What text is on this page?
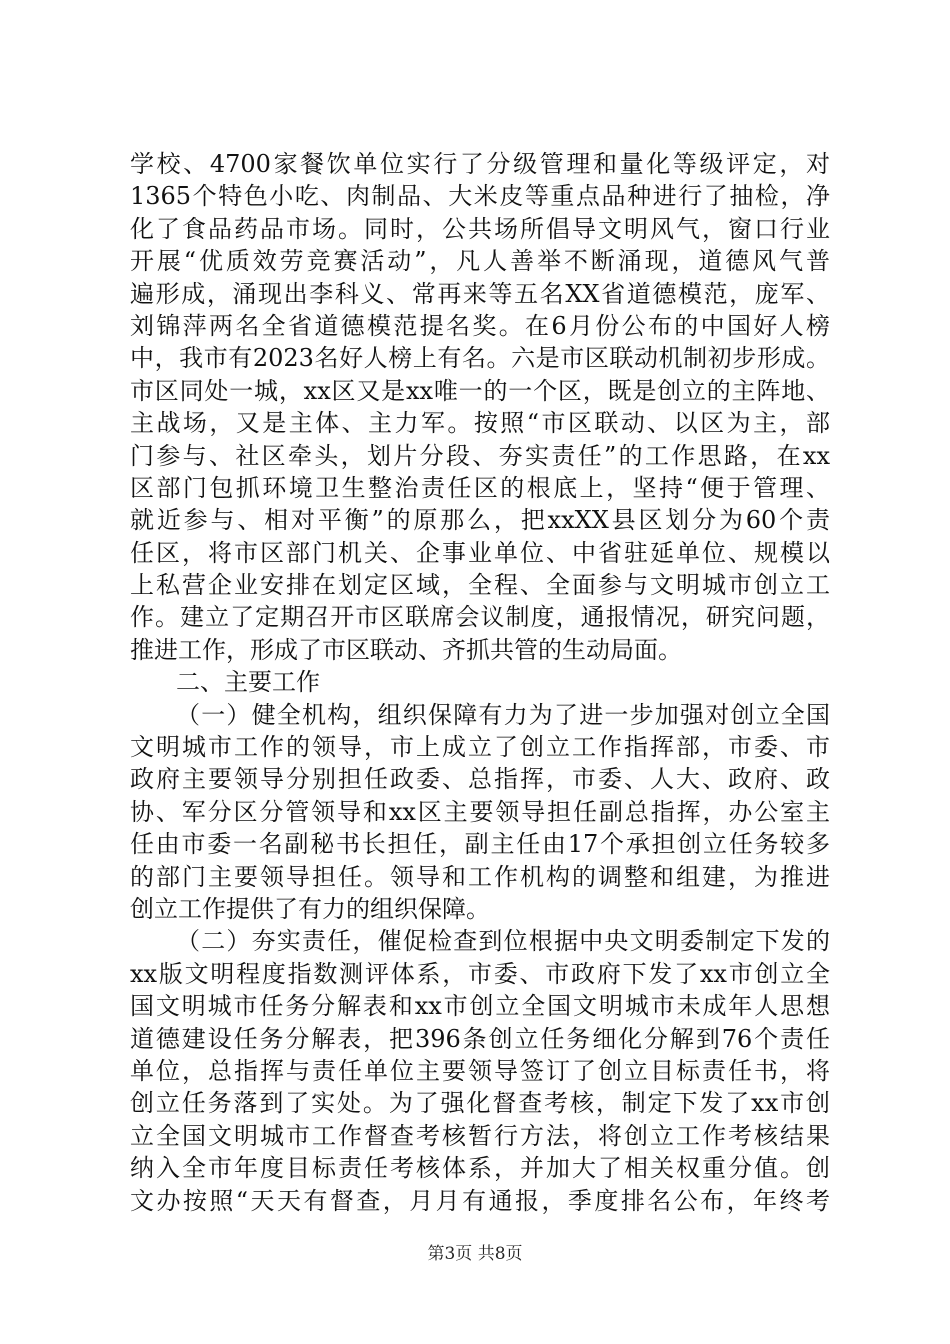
学校、4700家餐饮单位实行了分级管理和量化等级评定，对
1365个特色小吃、肉制品、大米皮等重点品种进行了抽检，净
化了食品药品市场。同时，公共场所倡导文明风气，窗口行业
开展“优质效劳竞赛活动”，凡人善举不断涌现，道德风气普
遍形成，涌现出李科义、常再来等五名XX省道德模范，庞军、
刘锦萍两名全省道德模范提名奖。在6月份公布的中国好人榜
中，我市有2023名好人榜上有名。六是市区联动机制初步形成。
市区同处一城，xx区又是xx唯一的一个区，既是创立的主阵地、
主战场，又是主体、主力军。按照“市区联动、以区为主，部
门参与、社区牵头，划片分段、夯实责任”的工作思路，在xx
区部门包抓环境卫生整治责任区的根底上，坚持“便于管理、
就近参与、相对平衡”的原那么，把xxXX县区划分为60个责
任区，将市区部门机关、企事业单位、中省驻延单位、规模以
上私营企业安排在划定区域，全程、全面参与文明城市创立工
作。建立了定期召开市区联席会议制度，通报情况，研究问题，
推进工作，形成了市区联动、齐抓共管的生动局面。
二、主要工作
（一）健全机构，组织保障有力为了进一步加强对创立全国
文明城市工作的领导，市上成立了创立工作指挥部，市委、市
政府主要领导分别担任政委、总指挥，市委、人大、政府、政
协、军分区分管领导和xx区主要领导担任副总指挥，办公室主
任由市委一名副秘书长担任，副主任由17个承担创立任务较多
的部门主要领导担任。领导和工作机构的调整和组建，为推进
创立工作提供了有力的组织保障。
（二）夯实责任，催促检查到位根据中央文明委制定下发的
xx版文明程度指数测评体系，市委、市政府下发了xx市创立全
国文明城市任务分解表和xx市创立全国文明城市未成年人思想
道德建设任务分解表，把396条创立任务细化分解到76个责任
单位，总指挥与责任单位主要领导签订了创立目标责任书，将
创立任务落到了实处。为了强化督查考核，制定下发了xx市创
立全国文明城市工作督查考核暂行方法，将创立工作考核结果
纳入全市年度目标责任考核体系，并加大了相关权重分值。创
文办按照“天天有督查，月月有通报，季度排名公布，年终考
第3页 共8页
